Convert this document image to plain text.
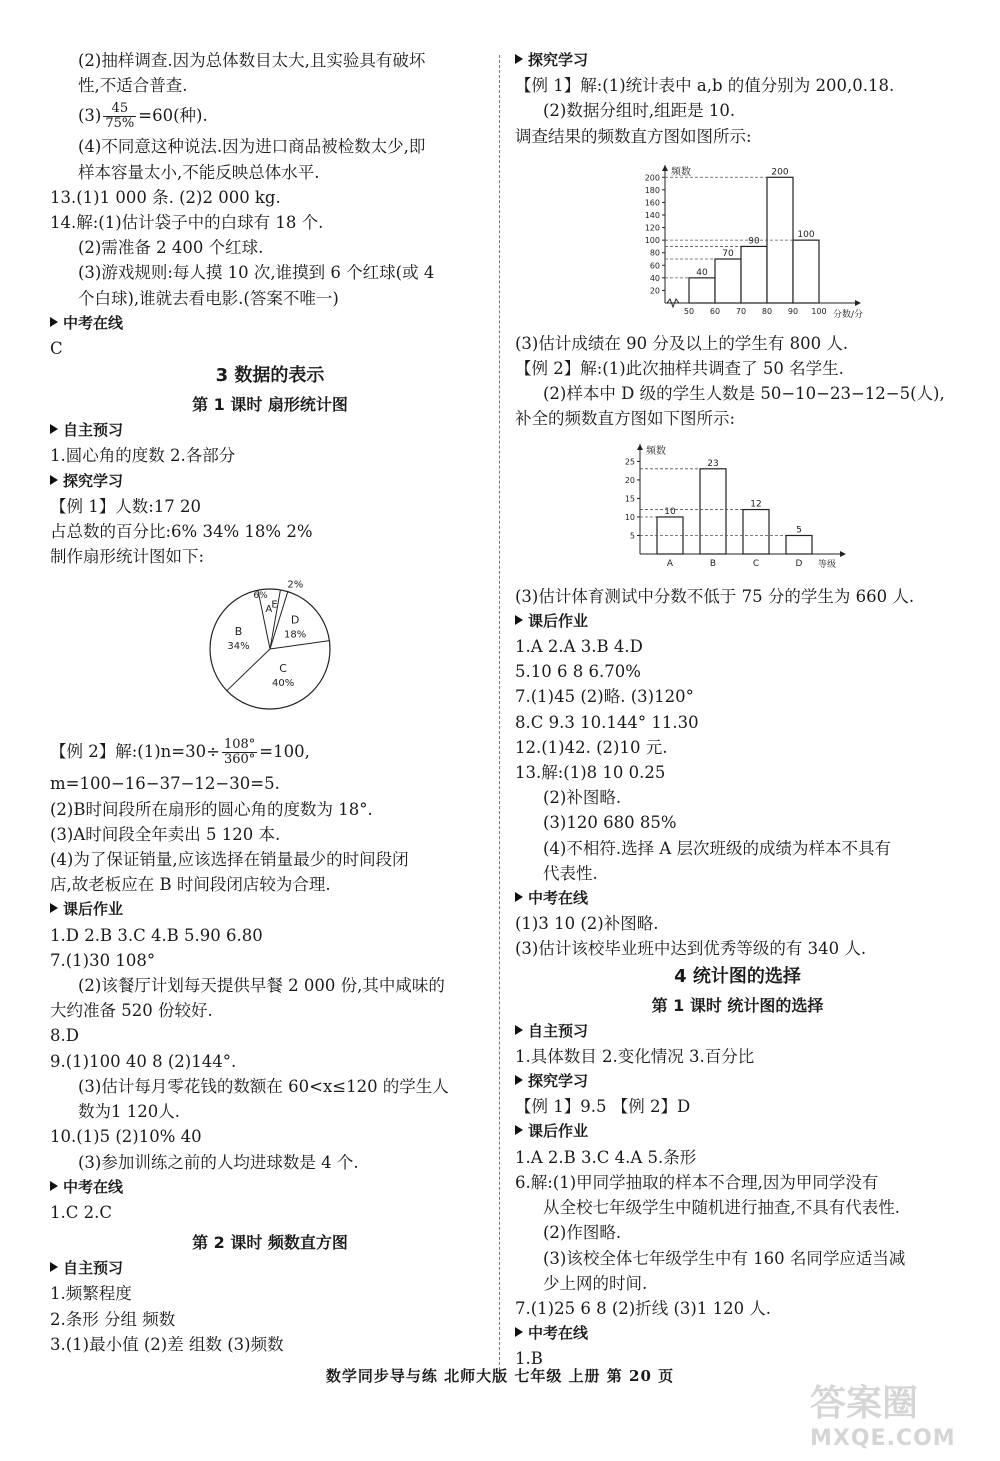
(2)抽样调查.因为总体数目太大,且实验具有破坏
性,不适合普查.
$(3) \frac{45}{75\%} =60$(种).
(4)不同意这种说法.因为进口商品被检数太少,即
样本容量太小,不能反映总体水平.
13.(1)1 000 条. (2)2 000 kg.
14.解:(1)估计袋子中的白球有 18 个.
(2)需准备 2 400 个红球.
(3)游戏规则:每人摸 10 次,谁摸到 6 个红球(或 4
个白球),谁就去看电影.(答案不唯一)
中考在线
C
3 数据的表示
第 1 课时 扇形统计图
自主预习
1.圆心角的度数 2.各部分
探究学习
【例 1】人数:17 20
占总数的百分比:6% 34% 18% 2%
制作扇形统计图如下:
6%
A
B
34%
C
40%
D
18%
2%
E
【例 2】解:(1)n=30÷ $\frac{108^\circ}{360^\circ} =100$,
m=100−16−37−12−30=5.
(2)B时间段所在扇形的圆心角的度数为 18°.
(3)A时间段全年卖出 5 120 本.
(4)为了保证销量,应该选择在销量最少的时间段闭
店,故老板应在 B 时间段闭店较为合理.
课后作业
1.D 2.B 3.C 4.B 5.90 6.80
7.(1)30 108°
(2)该餐厅计划每天提供早餐 2 000 份,其中咸味的
大约准备 520 份较好.
8.D
9.(1)100 40 8 (2)144°.
(3)估计每月零花钱的数额在 60<x≤120 的学生人
数为1 120人.
10.(1)5 (2)10% 40
(3)参加训练之前的人均进球数是 4 个.
中考在线
1.C 2.C
第 2 课时 频数直方图
自主预习
1.频繁程度
2.条形 分组 频数
3.(1)最小值 (2)差 组数 (3)频数
探究学习
【例 1】解:(1)统计表中 a,b 的值分别为 200,0.18.
(2)数据分组时,组距是 10.
调查结果的频数直方图如图所示:
频数
分数/分
20
40
60
80
100
120
140
160
180
200
50 60 70 80 90 100
40
70
90
200
100
(3)估计成绩在 90 分及以上的学生有 800 人.
【例 2】解:(1)此次抽样共调查了 50 名学生.
(2)样本中 D 级的学生人数是 50−10−23−12−5(人),
补全的频数直方图如下图所示:
频数
等级
5
10
15
20
25
10
A
23
B
12
C
5
D
(3)估计体育测试中分数不低于 75 分的学生为 660 人.
课后作业
1.A 2.A 3.B 4.D
5.10 6 8 6.70%
7.(1)45 (2)略. (3)120°
8.C 9.3 10.144° 11.30
12.(1)42. (2)10 元.
13.解:(1)8 10 0.25
(2)补图略.
(3)120 680 85%
(4)不相符.选择 A 层次班级的成绩为样本不具有
代表性.
中考在线
(1)3 10 (2)补图略.
(3)估计该校毕业班中达到优秀等级的有 340 人.
4 统计图的选择
第 1 课时 统计图的选择
自主预习
1.具体数目 2.变化情况 3.百分比
探究学习
【例 1】9.5 【例 2】D
课后作业
1.A 2.B 3.C 4.A 5.条形
6.解:(1)甲同学抽取的样本不合理,因为甲同学没有
从全校七年级学生中随机进行抽查,不具有代表性.
(2)作图略.
(3)该校全体七年级学生中有 160 名同学应适当减
少上网的时间.
7.(1)25 6 8 (2)折线 (3)1 120 人.
中考在线
1.B
数学同步导与练 北师大版 七年级 上册 第 20 页
答案圈
MXQE.COM
